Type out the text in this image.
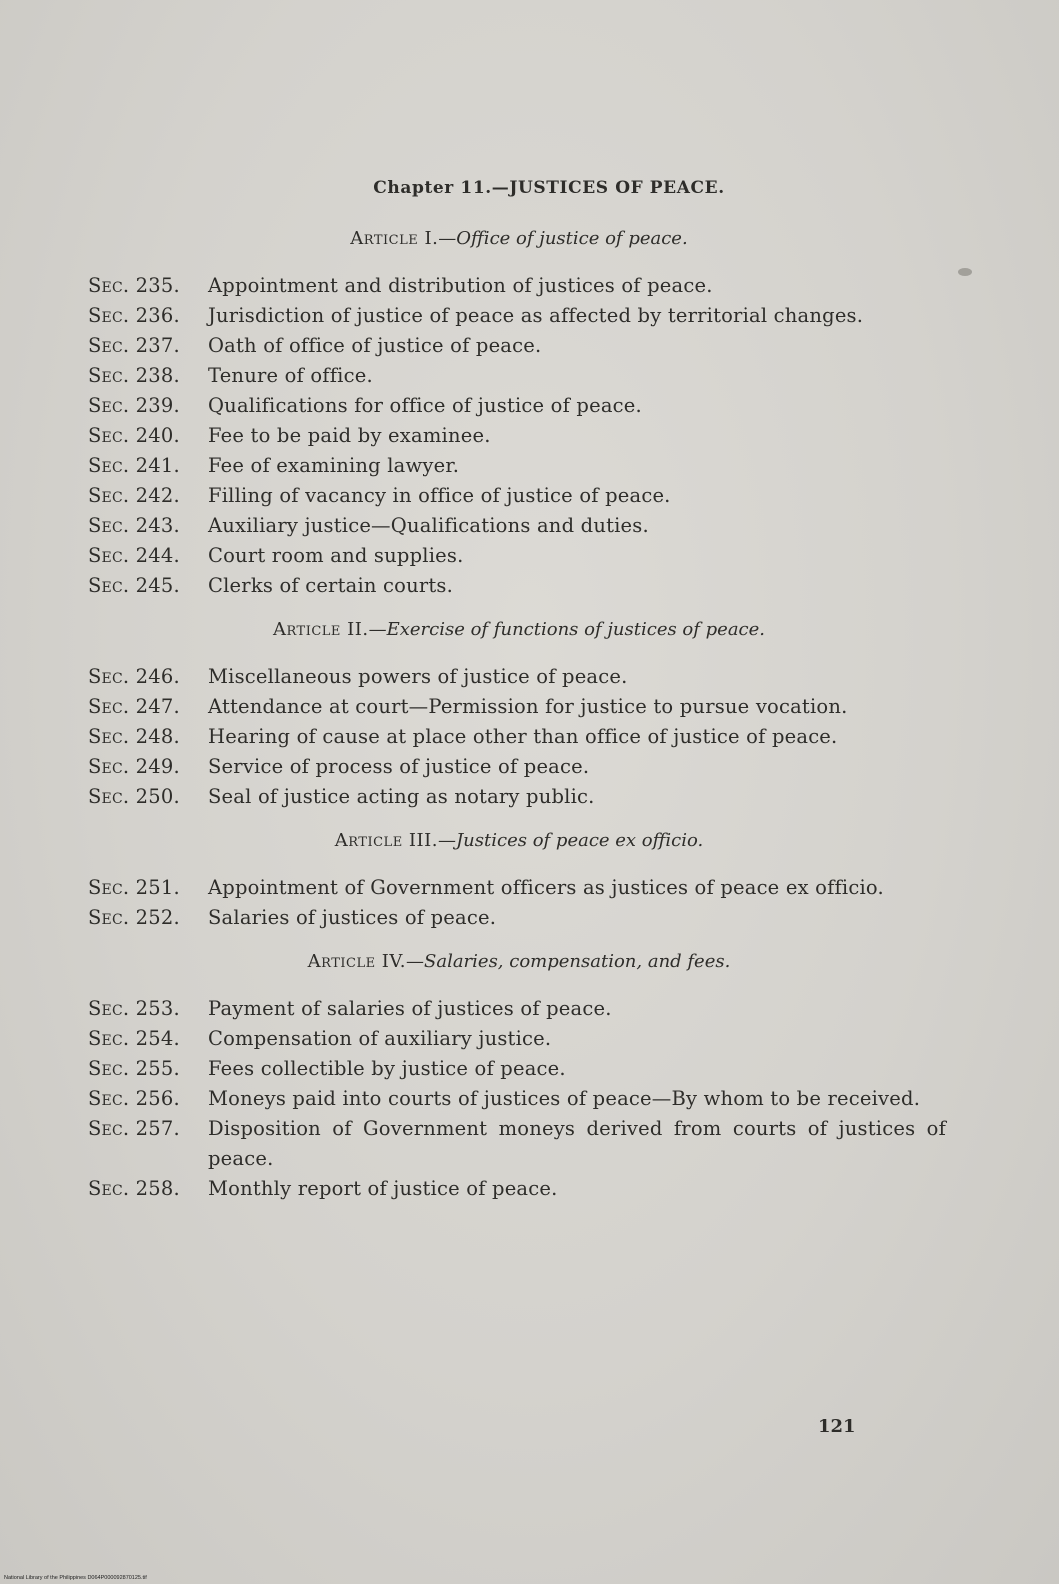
Chapter 11.—JUSTICES OF PEACE.
Article I.—Office of justice of peace.
Sec. 235.	Appointment and distribution of justices of peace.
Sec. 236.	Jurisdiction of justice of peace as affected by territorial changes.
Sec. 237.	Oath of office of justice of peace.
Sec. 238.	Tenure of office.
Sec. 239.	Qualifications for office of justice of peace.
Sec. 240.	Fee to be paid by examinee.
Sec. 241.	Fee of examining lawyer.
Sec. 242.	Filling of vacancy in office of justice of peace.
Sec. 243.	Auxiliary justice—Qualifications and duties.
Sec. 244.	Court room and supplies.
Sec. 245.	Clerks of certain courts.
Article II.—Exercise of functions of justices of peace.
Sec. 246.	Miscellaneous powers of justice of peace.
Sec. 247.	Attendance at court—Permission for justice to pursue vocation.
Sec. 248.	Hearing of cause at place other than office of justice of peace.
Sec. 249.	Service of process of justice of peace.
Sec. 250.	Seal of justice acting as notary public.
Article III.—Justices of peace ex officio.
Sec. 251.	Appointment of Government officers as justices of peace ex officio.
Sec. 252.	Salaries of justices of peace.
Article IV.—Salaries, compensation, and fees.
Sec. 253.	Payment of salaries of justices of peace.
Sec. 254.	Compensation of auxiliary justice.
Sec. 255.	Fees collectible by justice of peace.
Sec. 256.	Moneys paid into courts of justices of peace—By whom to be received.
Sec. 257.	Disposition of Government moneys derived from courts of justices of peace.
Sec. 258.	Monthly report of justice of peace.
121
National Library of the Philippines D064P000092870125.tif
